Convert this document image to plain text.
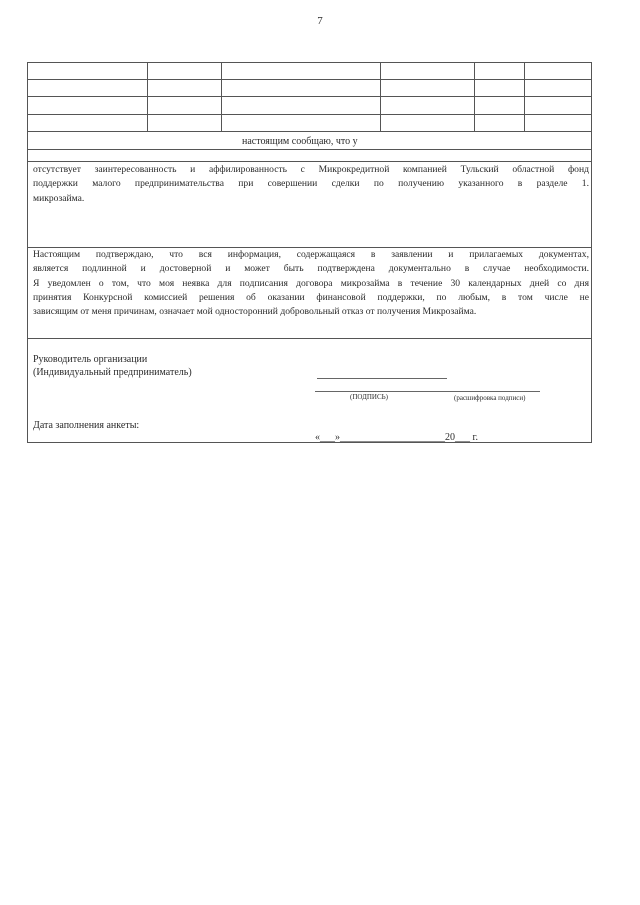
7
настоящим сообщаю, что у
отсутствует заинтересованность и аффилированность с Микрокредитной компанией Тульский областной фонд
поддержки малого предпринимательства при совершении сделки по получению указанного в разделе 1.
микрозайма.
Настоящим подтверждаю, что вся информация, содержащаяся в заявлении и прилагаемых документах,
является подлинной и достоверной и может быть подтверждена документально в случае необходимости.
Я уведомлен о том, что моя неявка для подписания договора микрозайма в течение 30 календарных дней со дня
принятия Конкурсной комиссией решения об оказании финансовой поддержки, по любым, в том числе не
зависящим от меня причинам, означает мой односторонний добровольный отказ от получения Микрозайма.
Руководитель организации
(Индивидуальный предприниматель)
(ПОДПИСЬ)	(расшифровка подписи)
Дата заполнения анкеты:
«___»_____________________20___ г.
